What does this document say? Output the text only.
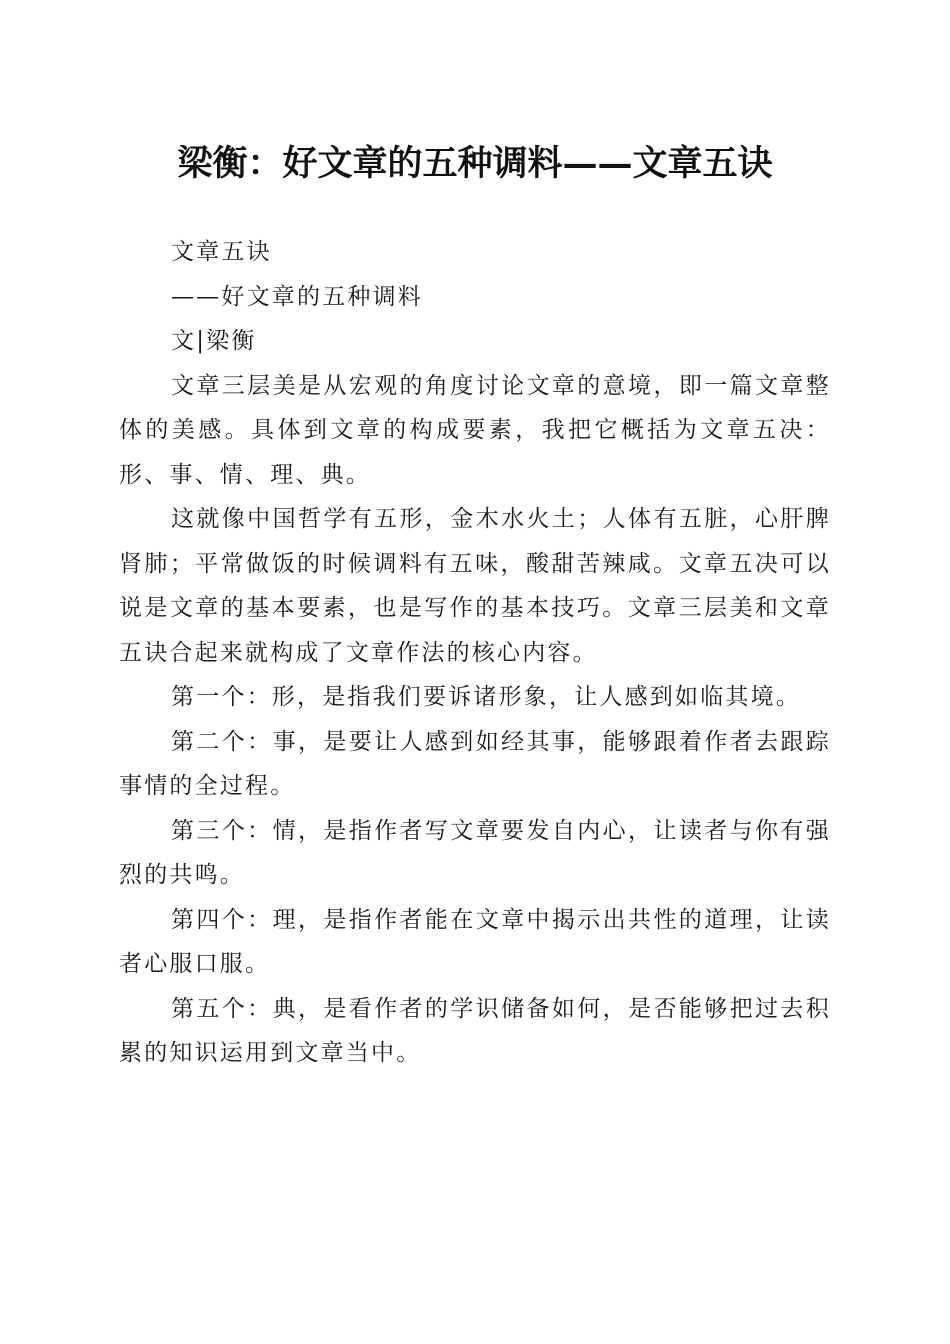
梁衡：好文章的五种调料——文章五诀

文章五诀

——好文章的五种调料

文|梁衡

文章三层美是从宏观的角度讨论文章的意境，即一篇文章整体的美感。具体到文章的构成要素，我把它概括为文章五决：形、事、情、理、典。

这就像中国哲学有五形，金木水火土；人体有五脏，心肝脾肾肺；平常做饭的时候调料有五味，酸甜苦辣咸。文章五决可以说是文章的基本要素，也是写作的基本技巧。文章三层美和文章五诀合起来就构成了文章作法的核心内容。

第一个：形，是指我们要诉诸形象，让人感到如临其境。

第二个：事，是要让人感到如经其事，能够跟着作者去跟踪事情的全过程。

第三个：情，是指作者写文章要发自内心，让读者与你有强烈的共鸣。

第四个：理，是指作者能在文章中揭示出共性的道理，让读者心服口服。

第五个：典，是看作者的学识储备如何，是否能够把过去积累的知识运用到文章当中。
